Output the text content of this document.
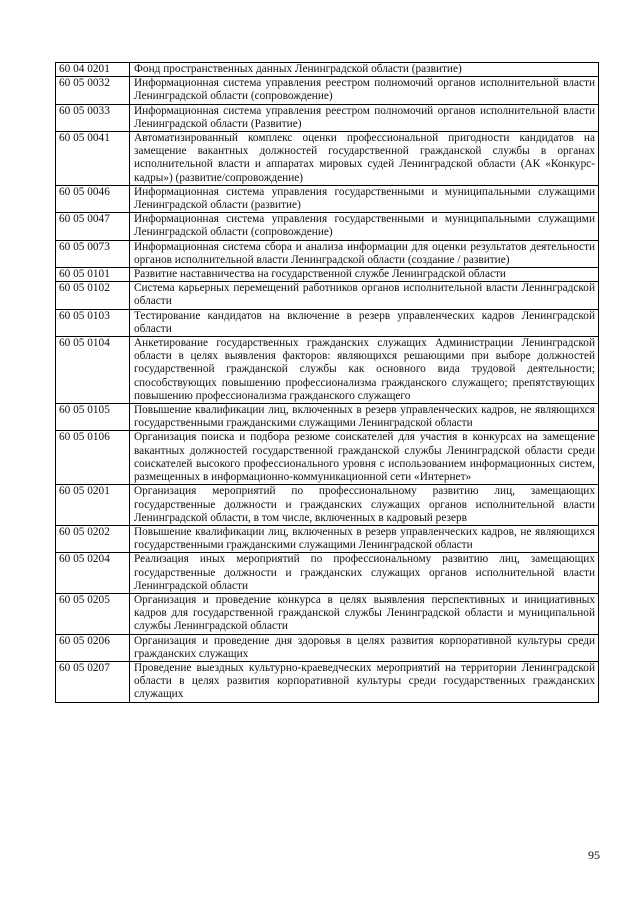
60 04 0201	Фонд пространственных данных Ленинградской области (развитие)
60 05 0032	Информационная система управления реестром полномочий органов исполнительной власти Ленинградской области (сопровождение)
60 05 0033	Информационная система управления реестром полномочий органов исполнительной власти Ленинградской области (Развитие)
60 05 0041	Автоматизированный комплекс оценки профессиональной пригодности кандидатов на замещение вакантных должностей государственной гражданской службы в органах исполнительной власти и аппаратах мировых судей Ленинградской области (АК «Конкурс-кадры») (развитие/сопровождение)
60 05 0046	Информационная система управления государственными и муниципальными служащими Ленинградской области (развитие)
60 05 0047	Информационная система управления государственными и муниципальными служащими Ленинградской области (сопровождение)
60 05 0073	Информационная система сбора и анализа информации для оценки результатов деятельности органов исполнительной власти Ленинградской области (создание / развитие)
60 05 0101	Развитие наставничества на государственной службе Ленинградской области
60 05 0102	Система карьерных перемещений работников органов исполнительной власти Ленинградской области
60 05 0103	Тестирование кандидатов на включение в резерв управленческих кадров Ленинградской области
60 05 0104	Анкетирование государственных гражданских служащих Администрации Ленинградской области в целях выявления факторов: являющихся решающими при выборе должностей государственной гражданской службы как основного вида трудовой деятельности; способствующих повышению профессионализма гражданского служащего; препятствующих повышению профессионализма гражданского служащего
60 05 0105	Повышение квалификации лиц, включенных в резерв управленческих кадров, не являющихся государственными гражданскими служащими Ленинградской области
60 05 0106	Организация поиска и подбора резюме соискателей для участия в конкурсах на замещение вакантных должностей государственной гражданской службы Ленинградской области среди соискателей высокого профессионального уровня с использованием информационных систем, размещенных в информационно-коммуникационной сети «Интернет»
60 05 0201	Организация мероприятий по профессиональному развитию лиц, замещающих государственные должности и гражданских служащих органов исполнительной власти Ленинградской области, в том числе, включенных в кадровый резерв
60 05 0202	Повышение квалификации лиц, включенных в резерв управленческих кадров, не являющихся государственными гражданскими служащими Ленинградской области
60 05 0204	Реализация иных мероприятий по профессиональному развитию лиц, замещающих государственные должности и гражданских служащих органов исполнительной власти Ленинградской области
60 05 0205	Организация и проведение конкурса в целях выявления перспективных и инициативных кадров для государственной гражданской службы Ленинградской области и муниципальной службы Ленинградской области
60 05 0206	Организация и проведение дня здоровья в целях развития корпоративной культуры среди гражданских служащих
60 05 0207	Проведение выездных культурно-краеведческих мероприятий на территории Ленинградской области в целях развития корпоративной культуры среди государственных гражданских служащих
95
